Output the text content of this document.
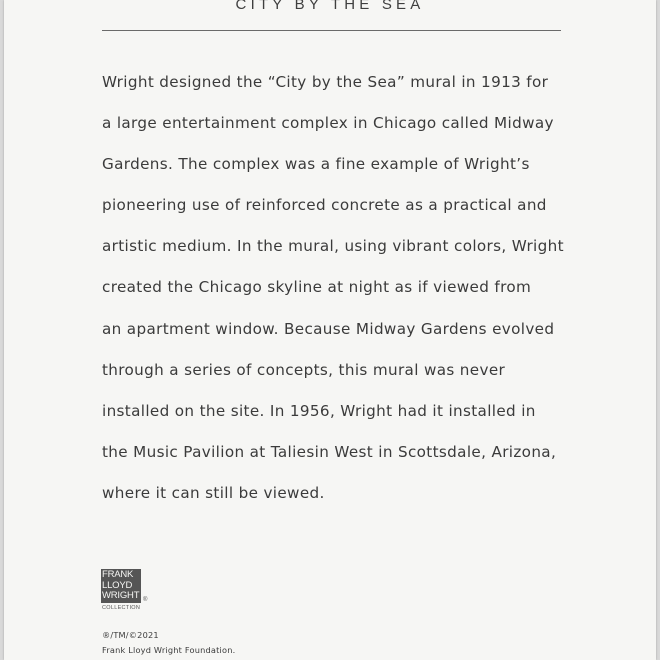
CITY BY THE SEA
Wright designed the “City by the Sea” mural in 1913 for
a large entertainment complex in Chicago called Midway
Gardens. The complex was a fine example of Wright’s
pioneering use of reinforced concrete as a practical and
artistic medium. In the mural, using vibrant colors, Wright
created the Chicago skyline at night as if viewed from
an apartment window. Because Midway Gardens evolved
through a series of concepts, this mural was never
installed on the site. In 1956, Wright had it installed in
the Music Pavilion at Taliesin West in Scottsdale, Arizona,
where it can still be viewed.
FRANK
LLOYD
WRIGHT
COLLECTION
®
®/TM/©2021
Frank Lloyd Wright Foundation.
